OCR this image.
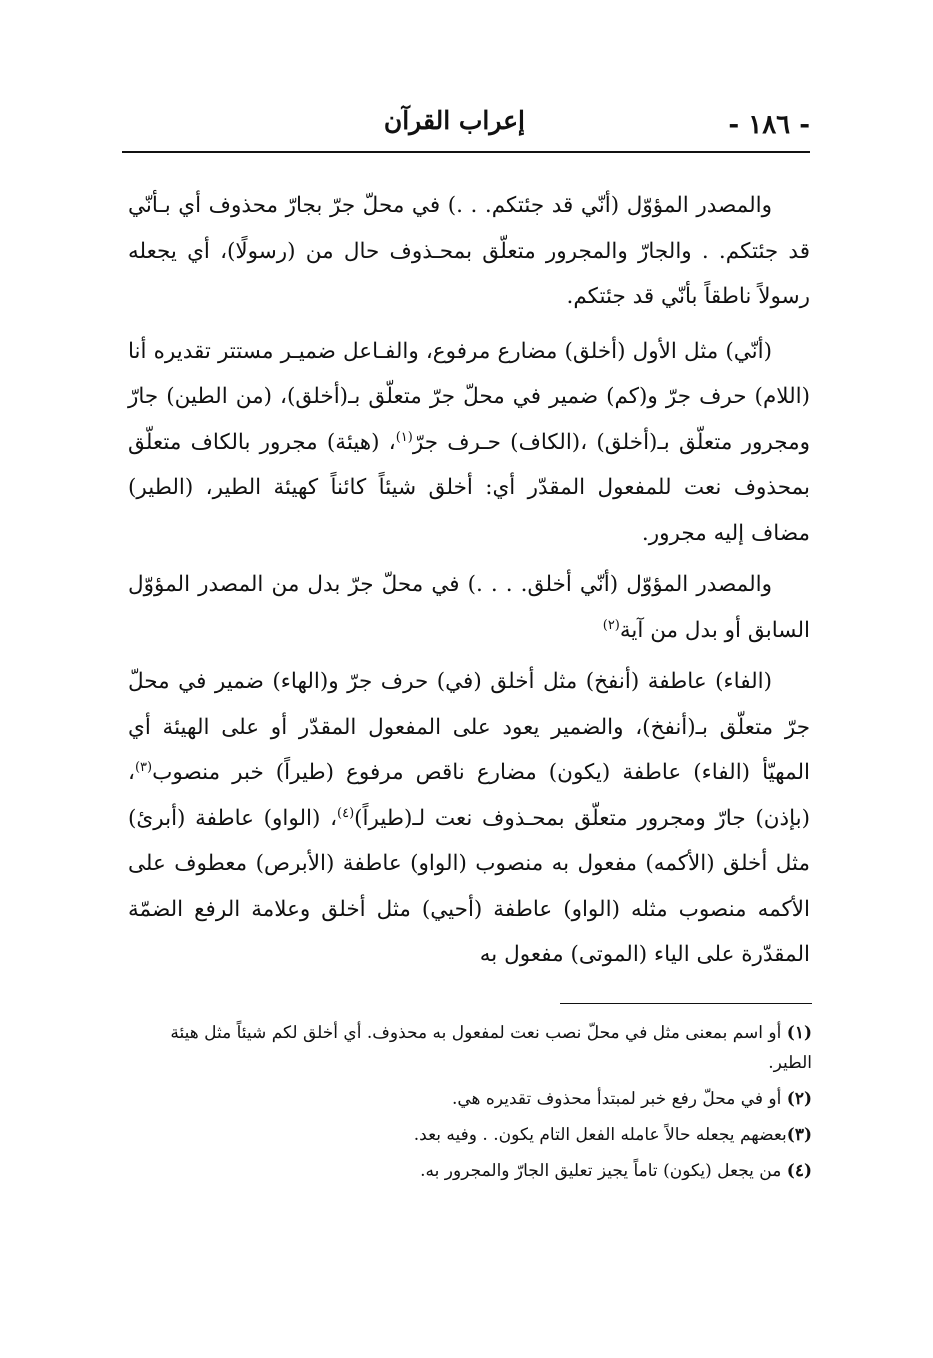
- ١٨٦ -
إعراب القرآن

والمصدر المؤوّل (أنّي قد جئتكم. . .) في محلّ جرّ بجارّ محذوف أي بـأنّي قد جئتكم. . والجارّ والمجرور متعلّق بمحـذوف حال من (رسولًا)، أي يجعله رسولاً ناطقاً بأنّي قد جئتكم.

(أنّي) مثل الأول (أخلق) مضارع مرفوع، والفـاعل ضميـر مستتر تقديره أنا (اللام) حرف جرّ و(كم) ضمير في محلّ جرّ متعلّق بـ(أخلق)، (من الطين) جارّ ومجرور متعلّق بـ(أخلق) ،(الكاف) حـرف جرّ$^{(١)}$، (هيئة) مجرور بالكاف متعلّق بمحذوف نعت للمفعول المقدّر أي: أخلق شيئاً كائناً كهيئة الطير، (الطير) مضاف إليه مجرور.

والمصدر المؤوّل (أنّي أخلق. . . .) في محلّ جرّ بدل من المصدر المؤوّل السابق أو بدل من آية$^{(٢)}$

(الفاء) عاطفة (أنفخ) مثل أخلق (في) حرف جرّ و(الهاء) ضمير في محلّ جرّ متعلّق بـ(أنفخ)، والضمير يعود على المفعول المقدّر أو على الهيئة أي المهيّأ (الفاء) عاطفة (يكون) مضارع ناقص مرفوع (طيراً) خبر منصوب$^{(٣)}$، (بإذن) جارّ ومجرور متعلّق بمحـذوف نعت لـ(طيراً)$^{(٤)}$، (الواو) عاطفة (أبرئ) مثل أخلق (الأكمه) مفعول به منصوب (الواو) عاطفة (الأبرص) معطوف على الأكمه منصوب مثله (الواو) عاطفة (أحيي) مثل أخلق وعلامة الرفع الضمّة المقدّرة على الياء (الموتى) مفعول به

(١) أو اسم بمعنى مثل في محلّ نصب نعت لمفعول به محذوف. أي أخلق لكم شيئاً مثل هيئة الطير.

(٢) أو في محلّ رفع خبر لمبتدأ محذوف تقديره هي.

(٣)بعضهم يجعله حالاً عامله الفعل التام يكون. . وفيه بعد.

(٤) من يجعل (يكون) تاماً يجيز تعليق الجارّ والمجرور به.
